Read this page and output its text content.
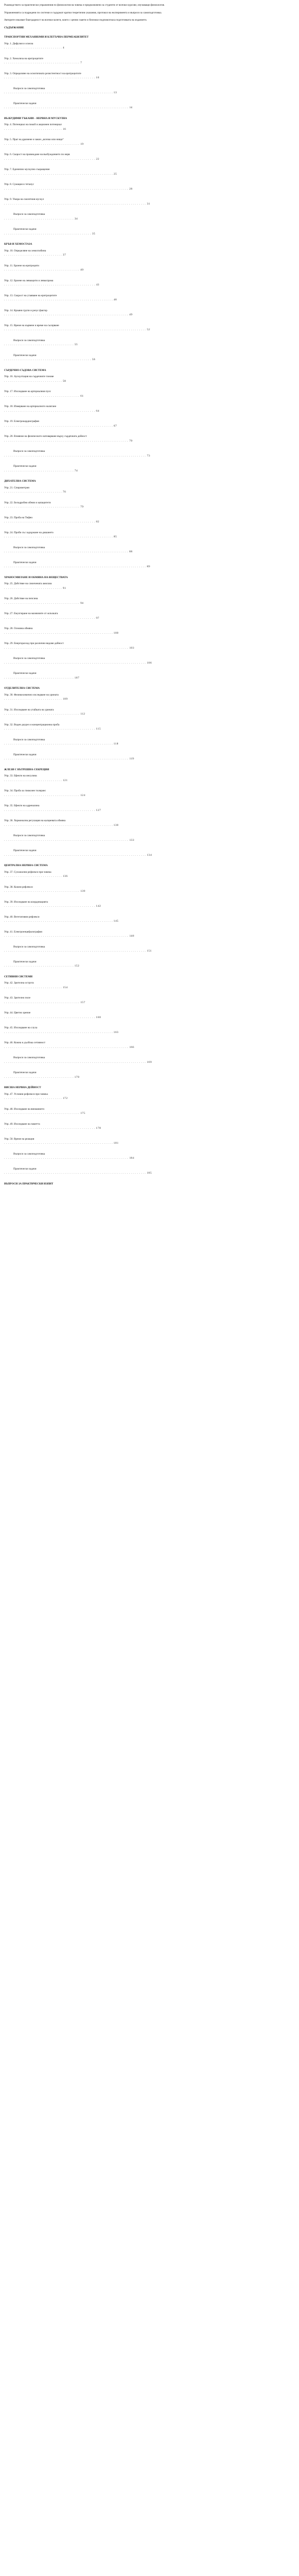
Ръководството за практически упражнения по физиология на човека е предназначено за студенти от всички курсове, изучаващи физиология.

Упражненията са подредени по системи и съдържат кратки теоретични указания, протокол на експеримента и въпроси за самоподготовка.

Авторите изказват благодарност на всички колеги, които с ценни съвети и бележки подпомогнаха подготовката на изданието.

СЪДЪРЖАНИЕ
ТРАНСПОРТНИ МЕХАНИЗМИ И КЛЕТЪЧНА ПЕРМЕАБИЛИТЕТ
Упр. 1. Дифузия и осмоза
. . . . . . . . . . . . . . . . . . . . . . . . . . . . . . 4
Упр. 2. Хемолиза на еритроцитите
. . . . . . . . . . . . . . . . . . . . . . . . . . . . . . . . . . . . . . . 7
Упр. 3. Определяне на осмотичната резистентност на еритроцитите
. . . . . . . . . . . . . . . . . . . . . . . . . . . . . . . . . . . . . . . . . . . . . . . 10
Въпроси за самоподготовка
. . . . . . . . . . . . . . . . . . . . . . . . . . . . . . . . . . . . . . . . . . . . . . . . . . . . . . . . 13
Практически задачи
. . . . . . . . . . . . . . . . . . . . . . . . . . . . . . . . . . . . . . . . . . . . . . . . . . . . . . . . . . . . . . . . 14
ВЪЗБУДИМИ ТЪКАНИ – НЕРВНА И МУСКУЛНА
Упр. 4. Потенциал на покой и акционен потенциал
. . . . . . . . . . . . . . . . . . . . . . . . . . . . . . 16
Упр. 5. Праг на дразнене и закон „всичко или нищо“
. . . . . . . . . . . . . . . . . . . . . . . . . . . . . . . . . . . . . . . 19
Упр. 6. Скорост на провеждане на възбуждението по нерв
. . . . . . . . . . . . . . . . . . . . . . . . . . . . . . . . . . . . . . . . . . . . . . . 22
Упр. 7. Единично мускулно съкращение
. . . . . . . . . . . . . . . . . . . . . . . . . . . . . . . . . . . . . . . . . . . . . . . . . . . . . . . . 25
Упр. 8. Сумация и тетанус
. . . . . . . . . . . . . . . . . . . . . . . . . . . . . . . . . . . . . . . . . . . . . . . . . . . . . . . . . . . . . . . . 28
Упр. 9. Умора на скелетния мускул
. . . . . . . . . . . . . . . . . . . . . . . . . . . . . . . . . . . . . . . . . . . . . . . . . . . . . . . . . . . . . . . . . . . . . . . . . 31
Въпроси за самоподготовка
. . . . . . . . . . . . . . . . . . . . . . . . . . . . . . . . . . . . 34
Практически задачи
. . . . . . . . . . . . . . . . . . . . . . . . . . . . . . . . . . . . . . . . . . . . . 35
КРЪВ И ХЕМОСТАЗА
Упр. 10. Определяне на хемоглобина
. . . . . . . . . . . . . . . . . . . . . . . . . . . . . . 37
Упр. 11. Броене на еритроцити
. . . . . . . . . . . . . . . . . . . . . . . . . . . . . . . . . . . . . . . 40
Упр. 12. Броене на левкоцити и левкограма
. . . . . . . . . . . . . . . . . . . . . . . . . . . . . . . . . . . . . . . . . . . . . . . 43
Упр. 13. Скорост на утаяване на еритроцитите
. . . . . . . . . . . . . . . . . . . . . . . . . . . . . . . . . . . . . . . . . . . . . . . . . . . . . . . . 46
Упр. 14. Кръвни групи и резус фактор
. . . . . . . . . . . . . . . . . . . . . . . . . . . . . . . . . . . . . . . . . . . . . . . . . . . . . . . . . . . . . . . . 49
Упр. 15. Време на кървене и време на съсирване
. . . . . . . . . . . . . . . . . . . . . . . . . . . . . . . . . . . . . . . . . . . . . . . . . . . . . . . . . . . . . . . . . . . . . . . . . 52
Въпроси за самоподготовка
. . . . . . . . . . . . . . . . . . . . . . . . . . . . . . . . . . . . 55
Практически задачи
. . . . . . . . . . . . . . . . . . . . . . . . . . . . . . . . . . . . . . . . . . . . . 56
СЪРДЕЧНО-СЪДОВА СИСТЕМА
Упр. 16. Аускултация на сърдечните тонове
. . . . . . . . . . . . . . . . . . . . . . . . . . . . . . 58
Упр. 17. Изследване на артериалния пулс
. . . . . . . . . . . . . . . . . . . . . . . . . . . . . . . . . . . . . . . 61
Упр. 18. Измерване на артериалното налягане
. . . . . . . . . . . . . . . . . . . . . . . . . . . . . . . . . . . . . . . . . . . . . . . 64
Упр. 19. Електрокардиография
. . . . . . . . . . . . . . . . . . . . . . . . . . . . . . . . . . . . . . . . . . . . . . . . . . . . . . . . 67
Упр. 20. Влияние на физическото натоварване върху сърдечната дейност
. . . . . . . . . . . . . . . . . . . . . . . . . . . . . . . . . . . . . . . . . . . . . . . . . . . . . . . . . . . . . . . . 70
Въпроси за самоподготовка
. . . . . . . . . . . . . . . . . . . . . . . . . . . . . . . . . . . . . . . . . . . . . . . . . . . . . . . . . . . . . . . . . . . . . . . . . 73
Практически задачи
. . . . . . . . . . . . . . . . . . . . . . . . . . . . . . . . . . . . 74
ДИХАТЕЛНА СИСТЕМА
Упр. 21. Спирометрия
. . . . . . . . . . . . . . . . . . . . . . . . . . . . . . 76
Упр. 22. Белодробни обеми и капацитети
. . . . . . . . . . . . . . . . . . . . . . . . . . . . . . . . . . . . . . . 79
Упр. 23. Проба на Тифно
. . . . . . . . . . . . . . . . . . . . . . . . . . . . . . . . . . . . . . . . . . . . . . . 82
Упр. 24. Проби със задържане на дишането
. . . . . . . . . . . . . . . . . . . . . . . . . . . . . . . . . . . . . . . . . . . . . . . . . . . . . . . . 85
Въпроси за самоподготовка
. . . . . . . . . . . . . . . . . . . . . . . . . . . . . . . . . . . . . . . . . . . . . . . . . . . . . . . . . . . . . . . . 88
Практически задачи
. . . . . . . . . . . . . . . . . . . . . . . . . . . . . . . . . . . . . . . . . . . . . . . . . . . . . . . . . . . . . . . . . . . . . . . . . 89
ХРАНОСМИЛАНЕ И ОБМЯНА НА ВЕЩЕСТВАТА
Упр. 25. Действие на слюнчената амилаза
. . . . . . . . . . . . . . . . . . . . . . . . . . . . . . 91
Упр. 26. Действие на пепсина
. . . . . . . . . . . . . . . . . . . . . . . . . . . . . . . . . . . . . . . 94
Упр. 27. Емулгиране на мазнините от жлъчката
. . . . . . . . . . . . . . . . . . . . . . . . . . . . . . . . . . . . . . . . . . . . . . . 97
Упр. 28. Основна обмяна
. . . . . . . . . . . . . . . . . . . . . . . . . . . . . . . . . . . . . . . . . . . . . . . . . . . . . . . . 100
Упр. 29. Енергоразход при различни видове дейност
. . . . . . . . . . . . . . . . . . . . . . . . . . . . . . . . . . . . . . . . . . . . . . . . . . . . . . . . . . . . . . . . 103
Въпроси за самоподготовка
. . . . . . . . . . . . . . . . . . . . . . . . . . . . . . . . . . . . . . . . . . . . . . . . . . . . . . . . . . . . . . . . . . . . . . . . . 106
Практически задачи
. . . . . . . . . . . . . . . . . . . . . . . . . . . . . . . . . . . . 107
ОТДЕЛИТЕЛНА СИСТЕМА
Упр. 30. Физикохимично изследване на урината
. . . . . . . . . . . . . . . . . . . . . . . . . . . . . . 109
Упр. 31. Изследване на утайката на урината
. . . . . . . . . . . . . . . . . . . . . . . . . . . . . . . . . . . . . . . 112
Упр. 32. Воден диурез и концентрационна проба
. . . . . . . . . . . . . . . . . . . . . . . . . . . . . . . . . . . . . . . . . . . . . . . 115
Въпроси за самоподготовка
. . . . . . . . . . . . . . . . . . . . . . . . . . . . . . . . . . . . . . . . . . . . . . . . . . . . . . . . 118
Практически задачи
. . . . . . . . . . . . . . . . . . . . . . . . . . . . . . . . . . . . . . . . . . . . . . . . . . . . . . . . . . . . . . . . 119
ЖЛЕЗИ С ВЪТРЕШНА СЕКРЕЦИЯ
Упр. 33. Ефекти на инсулина
. . . . . . . . . . . . . . . . . . . . . . . . . . . . . . 121
Упр. 34. Проба за глюкозен толеранс
. . . . . . . . . . . . . . . . . . . . . . . . . . . . . . . . . . . . . . . 124
Упр. 35. Ефекти на адреналина
. . . . . . . . . . . . . . . . . . . . . . . . . . . . . . . . . . . . . . . . . . . . . . . 127
Упр. 36. Хормонална регулация на калциевата обмяна
. . . . . . . . . . . . . . . . . . . . . . . . . . . . . . . . . . . . . . . . . . . . . . . . . . . . . . . . 130
Въпроси за самоподготовка
. . . . . . . . . . . . . . . . . . . . . . . . . . . . . . . . . . . . . . . . . . . . . . . . . . . . . . . . . . . . . . . . 133
Практически задачи
. . . . . . . . . . . . . . . . . . . . . . . . . . . . . . . . . . . . . . . . . . . . . . . . . . . . . . . . . . . . . . . . . . . . . . . . . 134
ЦЕНТРАЛНА НЕРВНА СИСТЕМА
Упр. 37. Сухожилни рефлекси при човека
. . . . . . . . . . . . . . . . . . . . . . . . . . . . . . 136
Упр. 38. Кожни рефлекси
. . . . . . . . . . . . . . . . . . . . . . . . . . . . . . . . . . . . . . . 139
Упр. 39. Изследване на координацията
. . . . . . . . . . . . . . . . . . . . . . . . . . . . . . . . . . . . . . . . . . . . . . . 142
Упр. 40. Вегетативни рефлекси
. . . . . . . . . . . . . . . . . . . . . . . . . . . . . . . . . . . . . . . . . . . . . . . . . . . . . . . . 145
Упр. 41. Електроенцефалография
. . . . . . . . . . . . . . . . . . . . . . . . . . . . . . . . . . . . . . . . . . . . . . . . . . . . . . . . . . . . . . . . 148
Въпроси за самоподготовка
. . . . . . . . . . . . . . . . . . . . . . . . . . . . . . . . . . . . . . . . . . . . . . . . . . . . . . . . . . . . . . . . . . . . . . . . . 151
Практически задачи
. . . . . . . . . . . . . . . . . . . . . . . . . . . . . . . . . . . . 152
СЕТИВНИ СИСТЕМИ
Упр. 42. Зрителна острота
. . . . . . . . . . . . . . . . . . . . . . . . . . . . . . 154
Упр. 43. Зрително поле
. . . . . . . . . . . . . . . . . . . . . . . . . . . . . . . . . . . . . . . 157
Упр. 44. Цветно зрение
. . . . . . . . . . . . . . . . . . . . . . . . . . . . . . . . . . . . . . . . . . . . . . . 160
Упр. 45. Изследване на слуха
. . . . . . . . . . . . . . . . . . . . . . . . . . . . . . . . . . . . . . . . . . . . . . . . . . . . . . . . 163
Упр. 46. Кожна и дълбока сетивност
. . . . . . . . . . . . . . . . . . . . . . . . . . . . . . . . . . . . . . . . . . . . . . . . . . . . . . . . . . . . . . . . 166
Въпроси за самоподготовка
. . . . . . . . . . . . . . . . . . . . . . . . . . . . . . . . . . . . . . . . . . . . . . . . . . . . . . . . . . . . . . . . . . . . . . . . . 169
Практически задачи
. . . . . . . . . . . . . . . . . . . . . . . . . . . . . . . . . . . . 170
ВИСША НЕРВНА ДЕЙНОСТ
Упр. 47. Условни рефлекси при човека
. . . . . . . . . . . . . . . . . . . . . . . . . . . . . . 172
Упр. 48. Изследване на вниманието
. . . . . . . . . . . . . . . . . . . . . . . . . . . . . . . . . . . . . . . 175
Упр. 49. Изследване на паметта
. . . . . . . . . . . . . . . . . . . . . . . . . . . . . . . . . . . . . . . . . . . . . . . 178
Упр. 50. Време на реакция
. . . . . . . . . . . . . . . . . . . . . . . . . . . . . . . . . . . . . . . . . . . . . . . . . . . . . . . . 181
Въпроси за самоподготовка
. . . . . . . . . . . . . . . . . . . . . . . . . . . . . . . . . . . . . . . . . . . . . . . . . . . . . . . . . . . . . . . . 184
Практически задачи
. . . . . . . . . . . . . . . . . . . . . . . . . . . . . . . . . . . . . . . . . . . . . . . . . . . . . . . . . . . . . . . . . . . . . . . . . 185
ВЪПРОСИ ЗА ПРАКТИЧЕСКИ ИЗПИТ
